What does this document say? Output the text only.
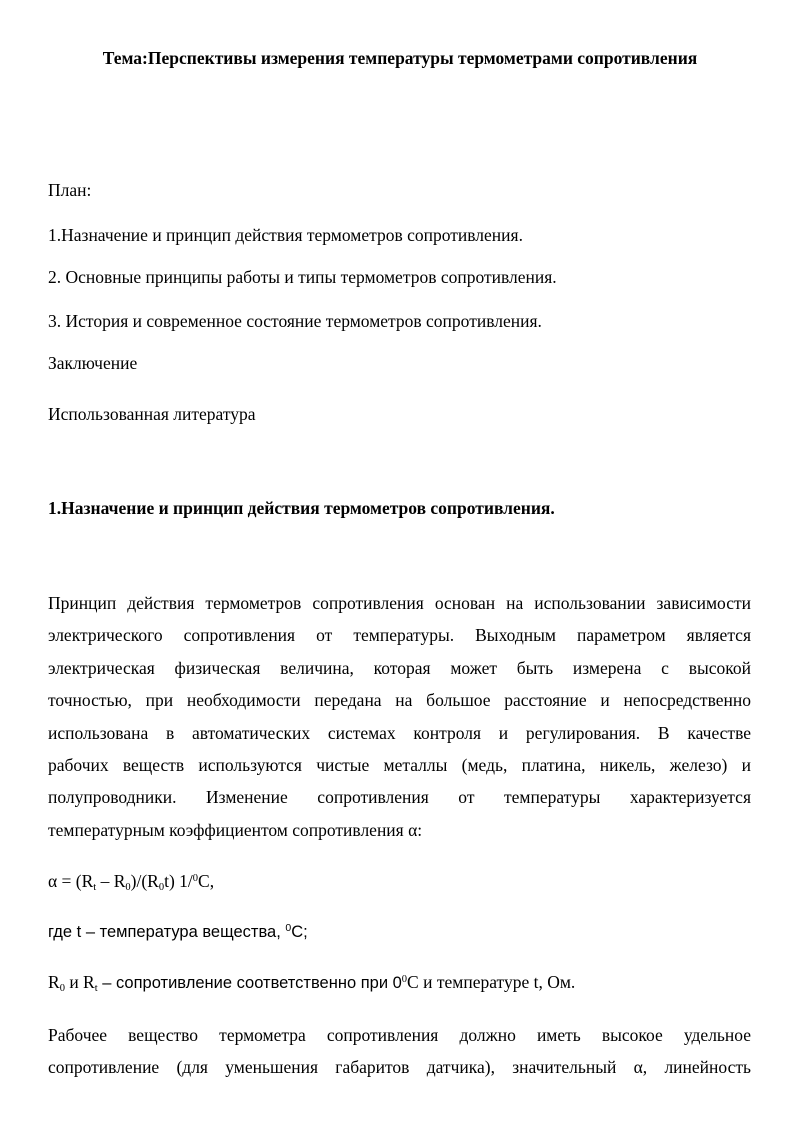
Тема:Перспективы измерения температуры термометрами сопротивления

План:

1.Назначение и принцип действия термометров сопротивления.

2. Основные принципы работы и типы термометров сопротивления.

3. История и современное состояние термометров сопротивления.

Заключение

Использованная литература

1.Назначение и принцип действия термометров сопротивления.

Принцип действия термометров сопротивления основан на использовании зависимости
электрического сопротивления от температуры. Выходным параметром является
электрическая физическая величина, которая может быть измерена с высокой
точностью, при необходимости передана на большое расстояние и непосредственно
использована в автоматических системах контроля и регулирования. В качестве
рабочих веществ используются чистые металлы (медь, платина, никель, железо) и
полупроводники. Изменение сопротивления от температуры характеризуется
температурным коэффициентом сопротивления α:

$\alpha = (R_t - R_0)/(R_0t)$ 1/$^0$C,

где t – температура вещества, $^0$C;

$R_0$ и $R_t$ – сопротивление соответственно при $0^0C$ и температуре t, Ом.

Рабочее вещество термометра сопротивления должно иметь высокое удельное
сопротивление (для уменьшения габаритов датчика), значительный α, линейность
